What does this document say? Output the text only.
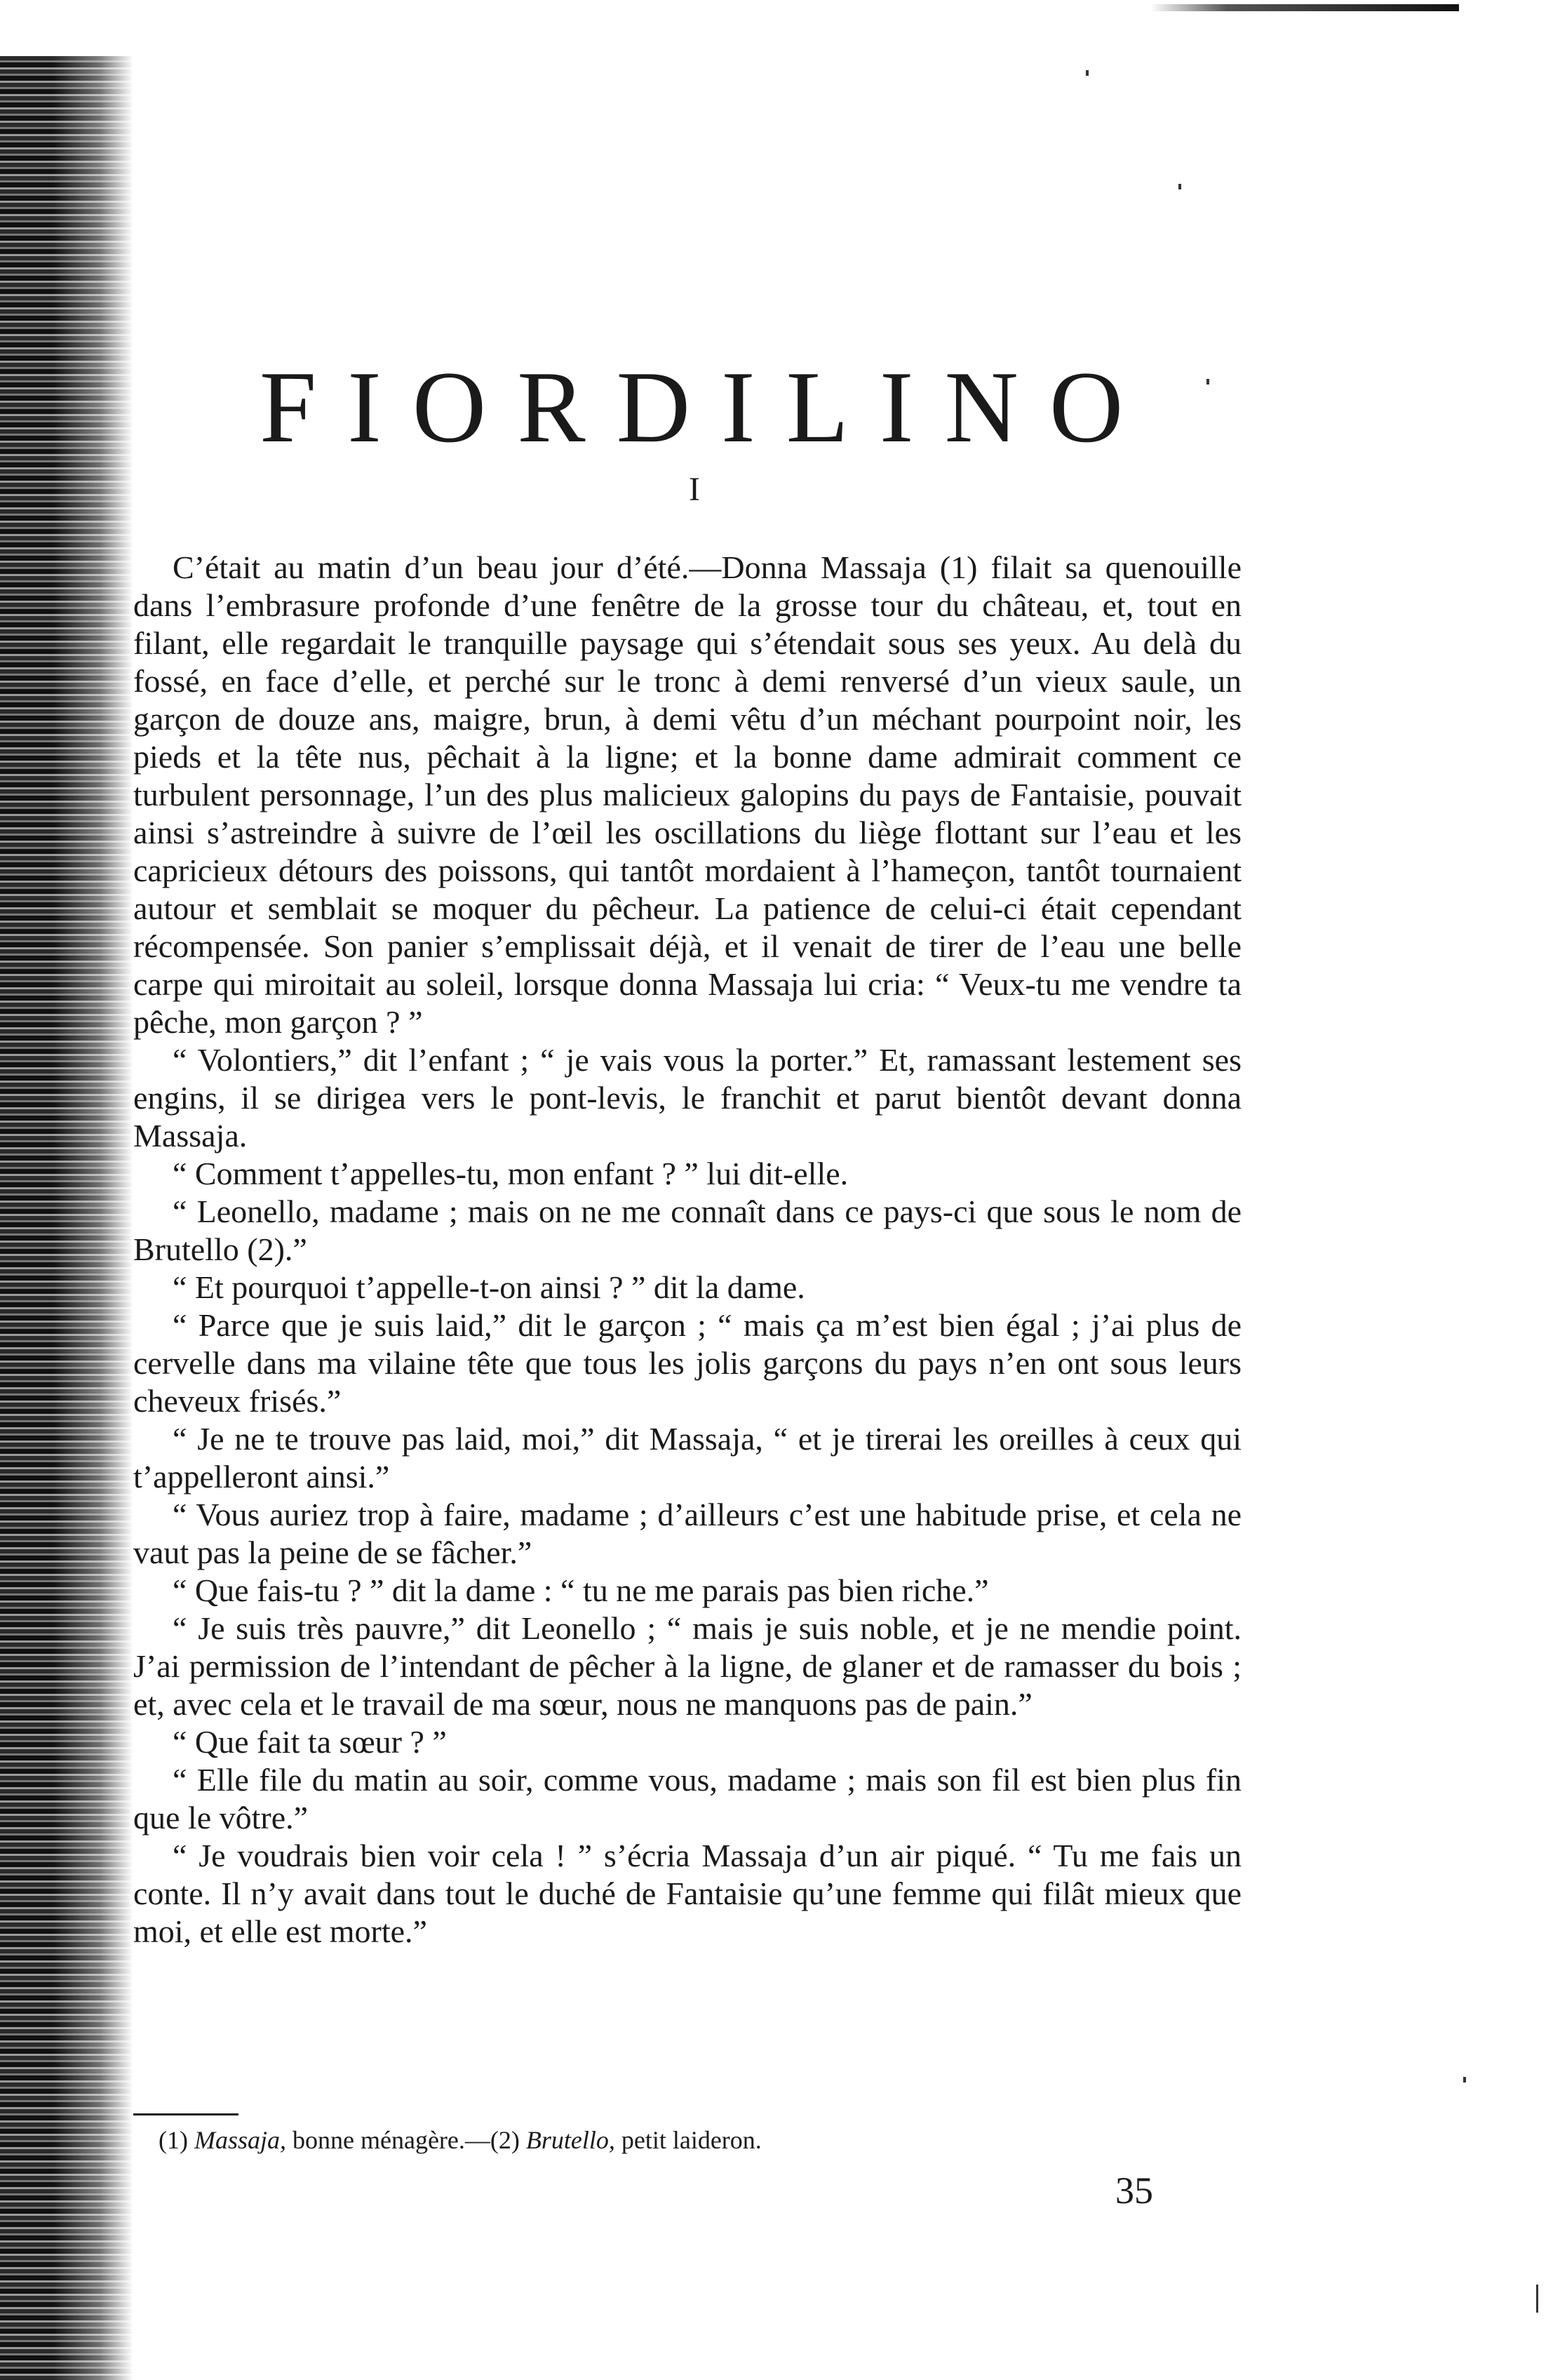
FIORDILINO
I

C’était au matin d’un beau jour d’été.—Donna Massaja (1) filait sa quenouille dans l’embrasure profonde d’une fenêtre de la grosse tour du château, et, tout en filant, elle regardait le tranquille paysage qui s’étendait sous ses yeux. Au delà du fossé, en face d’elle, et perché sur le tronc à demi renversé d’un vieux saule, un garçon de douze ans, maigre, brun, à demi vêtu d’un méchant pourpoint noir, les pieds et la tête nus, pêchait à la ligne; et la bonne dame admirait comment ce turbulent personnage, l’un des plus malicieux galopins du pays de Fantaisie, pouvait ainsi s’astreindre à suivre de l’œil les oscillations du liège flottant sur l’eau et les capricieux détours des poissons, qui tantôt mordaient à l’hameçon, tantôt tournaient autour et semblait se moquer du pêcheur. La patience de celui-ci était cependant récompensée. Son panier s’emplissait déjà, et il venait de tirer de l’eau une belle carpe qui miroitait au soleil, lorsque donna Massaja lui cria: “ Veux-tu me vendre ta pêche, mon garçon ? ”

“ Volontiers,” dit l’enfant ; “ je vais vous la porter.” Et, ramassant lestement ses engins, il se dirigea vers le pont-levis, le franchit et parut bientôt devant donna Massaja.

“ Comment t’appelles-tu, mon enfant ? ” lui dit-elle.

“ Leonello, madame ; mais on ne me connaît dans ce pays-ci que sous le nom de Brutello (2).”

“ Et pourquoi t’appelle-t-on ainsi ? ” dit la dame.

“ Parce que je suis laid,” dit le garçon ; “ mais ça m’est bien égal ; j’ai plus de cervelle dans ma vilaine tête que tous les jolis garçons du pays n’en ont sous leurs cheveux frisés.”

“ Je ne te trouve pas laid, moi,” dit Massaja, “ et je tirerai les oreilles à ceux qui t’appelleront ainsi.”

“ Vous auriez trop à faire, madame ; d’ailleurs c’est une habitude prise, et cela ne vaut pas la peine de se fâcher.”

“ Que fais-tu ? ” dit la dame : “ tu ne me parais pas bien riche.”

“ Je suis très pauvre,” dit Leonello ; “ mais je suis noble, et je ne mendie point. J’ai permission de l’intendant de pêcher à la ligne, de glaner et de ramasser du bois ; et, avec cela et le travail de ma sœur, nous ne manquons pas de pain.”

“ Que fait ta sœur ? ”

“ Elle file du matin au soir, comme vous, madame ; mais son fil est bien plus fin que le vôtre.”

“ Je voudrais bien voir cela ! ” s’écria Massaja d’un air piqué. “ Tu me fais un conte. Il n’y avait dans tout le duché de Fantaisie qu’une femme qui filât mieux que moi, et elle est morte.”

(1) Massaja, bonne ménagère.—(2) Brutello, petit laideron.
35
